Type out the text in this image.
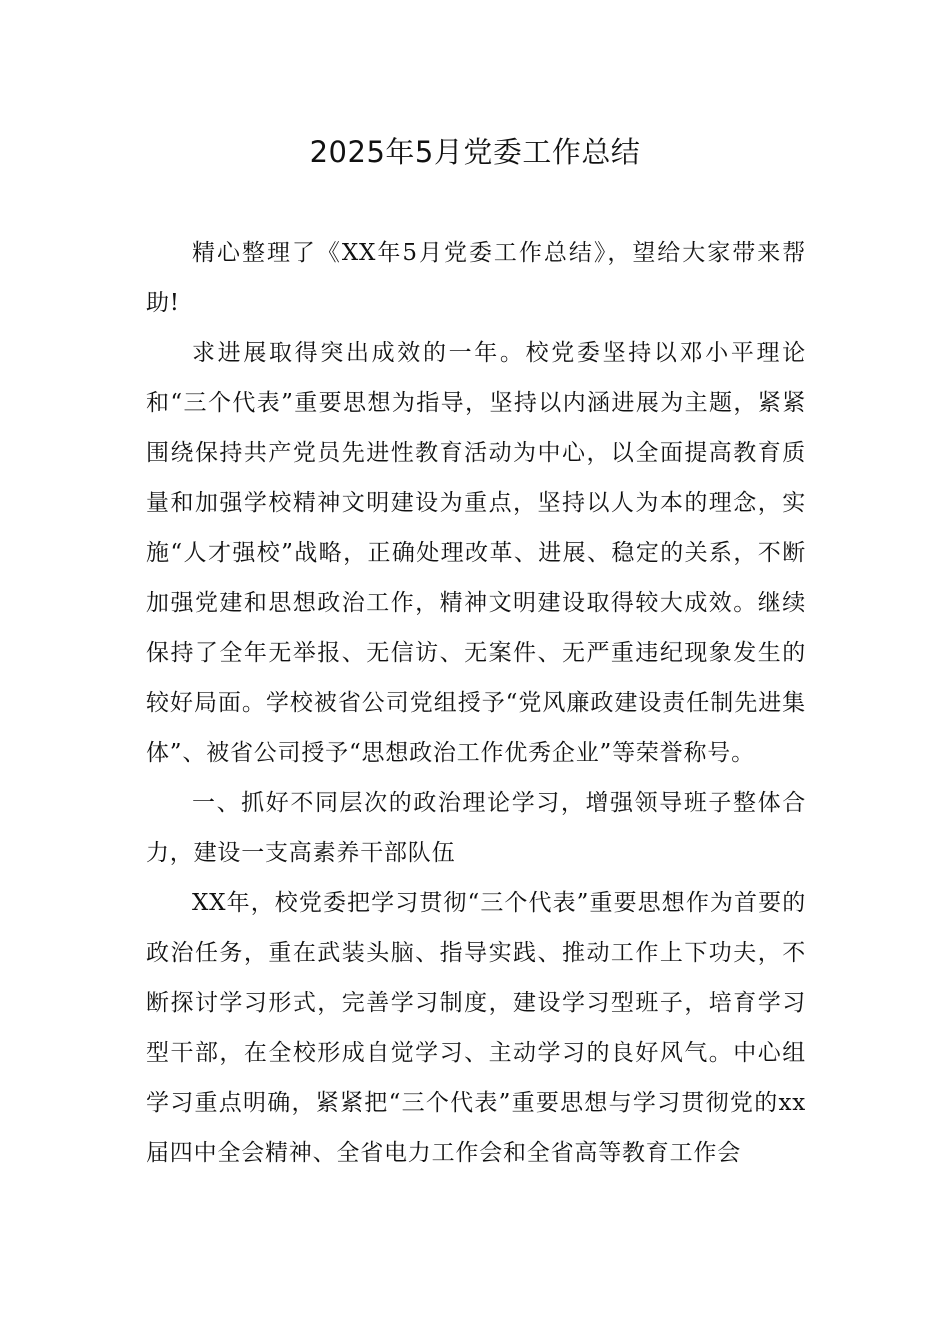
2025年5月党委工作总结

精心整理了《XX年5月党委工作总结》，望给大家带来帮助!

求进展取得突出成效的一年。校党委坚持以邓小平理论和“三个代表”重要思想为指导，坚持以内涵进展为主题，紧紧围绕保持共产党员先进性教育活动为中心，以全面提高教育质量和加强学校精神文明建设为重点，坚持以人为本的理念，实施“人才强校”战略，正确处理改革、进展、稳定的关系，不断加强党建和思想政治工作，精神文明建设取得较大成效。继续保持了全年无举报、无信访、无案件、无严重违纪现象发生的较好局面。学校被省公司党组授予“党风廉政建设责任制先进集体”、被省公司授予“思想政治工作优秀企业”等荣誉称号。

一、抓好不同层次的政治理论学习，增强领导班子整体合力，建设一支高素养干部队伍

XX年，校党委把学习贯彻“三个代表”重要思想作为首要的政治任务，重在武装头脑、指导实践、推动工作上下功夫，不断探讨学习形式，完善学习制度，建设学习型班子，培育学习型干部，在全校形成自觉学习、主动学习的良好风气。中心组学习重点明确，紧紧把“三个代表”重要思想与学习贯彻党的xx届四中全会精神、全省电力工作会和全省高等教育工作会
